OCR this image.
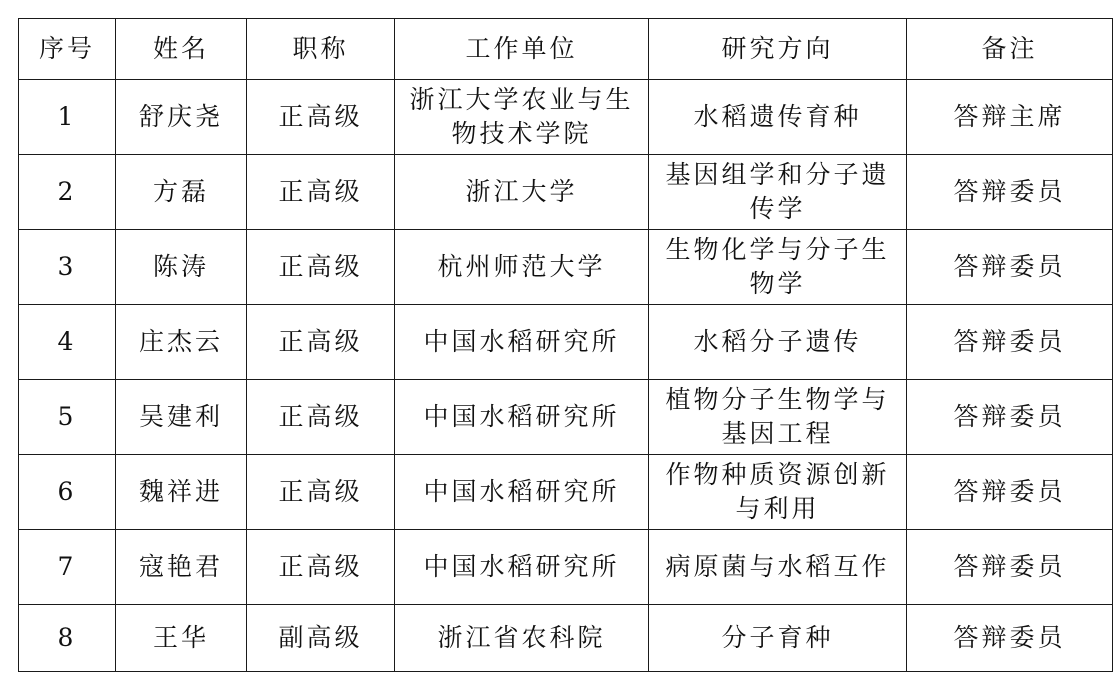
序号	姓名	职称	工作单位	研究方向	备注
1	舒庆尧	正高级	浙江大学农业与生物技术学院	水稻遗传育种	答辩主席
2	方磊	正高级	浙江大学	基因组学和分子遗传学	答辩委员
3	陈涛	正高级	杭州师范大学	生物化学与分子生物学	答辩委员
4	庄杰云	正高级	中国水稻研究所	水稻分子遗传	答辩委员
5	吴建利	正高级	中国水稻研究所	植物分子生物学与基因工程	答辩委员
6	魏祥进	正高级	中国水稻研究所	作物种质资源创新与利用	答辩委员
7	寇艳君	正高级	中国水稻研究所	病原菌与水稻互作	答辩委员
8	王华	副高级	浙江省农科院	分子育种	答辩委员
